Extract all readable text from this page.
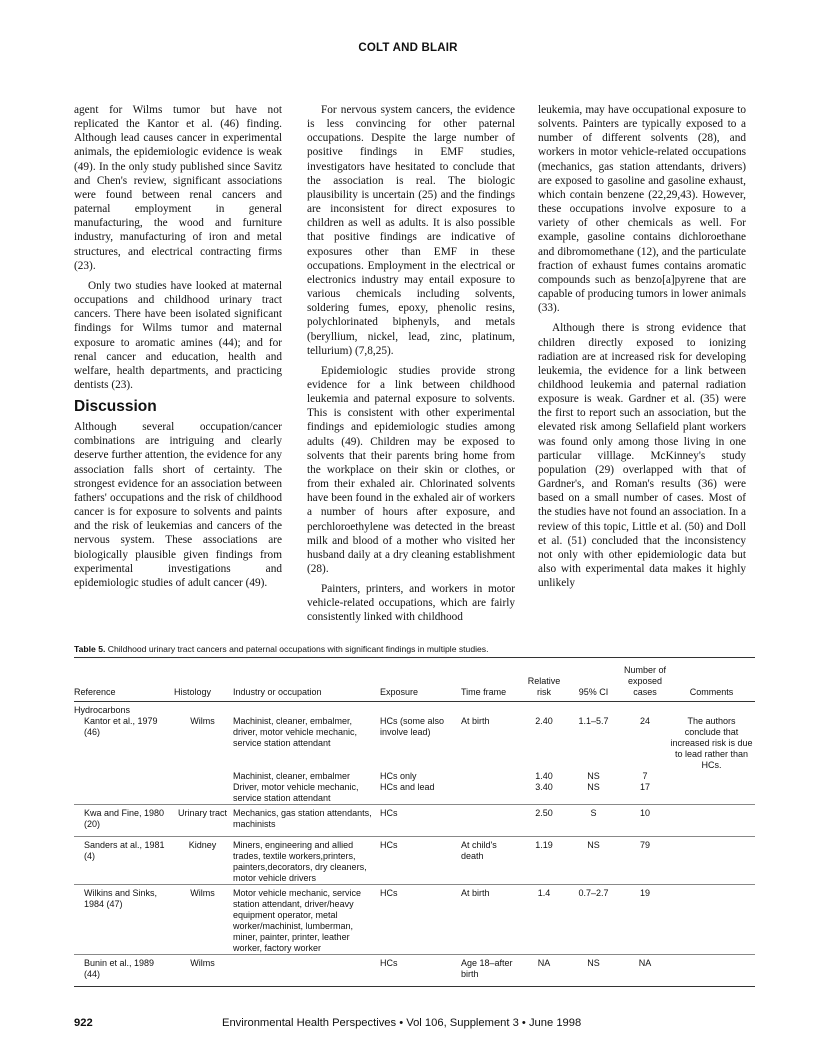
COLT AND BLAIR

agent for Wilms tumor but have not replicated the Kantor et al. (46) finding. Although lead causes cancer in experimental animals, the epidemiologic evidence is weak (49). In the only study published since Savitz and Chen's review, significant associations were found between renal cancers and paternal employment in general manufacturing, the wood and furniture industry, manufacturing of iron and metal structures, and electrical contracting firms (23).

Only two studies have looked at maternal occupations and childhood urinary tract cancers. There have been isolated significant findings for Wilms tumor and maternal exposure to aromatic amines (44); and for renal cancer and education, health and welfare, health departments, and practicing dentists (23).

Discussion

Although several occupation/cancer combinations are intriguing and clearly deserve further attention, the evidence for any association falls short of certainty. The strongest evidence for an association between fathers' occupations and the risk of childhood cancer is for exposure to solvents and paints and the risk of leukemias and cancers of the nervous system. These associations are biologically plausible given findings from experimental investigations and epidemiologic studies of adult cancer (49).

For nervous system cancers, the evidence is less convincing for other paternal occupations. Despite the large number of positive findings in EMF studies, investigators have hesitated to conclude that the association is real. The biologic plausibility is uncertain (25) and the findings are inconsistent for direct exposures to children as well as adults. It is also possible that positive findings are indicative of exposures other than EMF in these occupations. Employment in the electrical or electronics industry may entail exposure to various chemicals including solvents, soldering fumes, epoxy, phenolic resins, polychlorinated biphenyls, and metals (beryllium, nickel, lead, zinc, platinum, tellurium) (7,8,25).

Epidemiologic studies provide strong evidence for a link between childhood leukemia and paternal exposure to solvents. This is consistent with other experimental findings and epidemiologic studies among adults (49). Children may be exposed to solvents that their parents bring home from the workplace on their skin or clothes, or from their exhaled air. Chlorinated solvents have been found in the exhaled air of workers a number of hours after exposure, and perchloroethylene was detected in the breast milk and blood of a mother who visited her husband daily at a dry cleaning establishment (28).

Painters, printers, and workers in motor vehicle-related occupations, which are fairly consistently linked with childhood

leukemia, may have occupational exposure to solvents. Painters are typically exposed to a number of different solvents (28), and workers in motor vehicle-related occupations (mechanics, gas station attendants, drivers) are exposed to gasoline and gasoline exhaust, which contain benzene (22,29,43). However, these occupations involve exposure to a variety of other chemicals as well. For example, gasoline contains dichloroethane and dibromomethane (12), and the particulate fraction of exhaust fumes contains aromatic compounds such as benzo[a]pyrene that are capable of producing tumors in lower animals (33).

Although there is strong evidence that children directly exposed to ionizing radiation are at increased risk for developing leukemia, the evidence for a link between childhood leukemia and paternal radiation exposure is weak. Gardner et al. (35) were the first to report such an association, but the elevated risk among Sellafield plant workers was found only among those living in one particular villlage. McKinney's study population (29) overlapped with that of Gardner's, and Roman's results (36) were based on a small number of cases. Most of the studies have not found an association. In a review of this topic, Little et al. (50) and Doll et al. (51) concluded that the inconsistency not only with other epidemiologic data but also with experimental data makes it highly unlikely

Table 5. Childhood urinary tract cancers and paternal occupations with significant findings in multiple studies.
Reference	Histology	Industry or occupation	Exposure	Time frame	Relative risk	95% CI	Number of exposed cases	Comments
Hydrocarbons								
Kantor et al., 1979 (46)	Wilms	Machinist, cleaner, embalmer, driver, motor vehicle mechanic, service station attendant	HCs (some also involve lead)	At birth	2.40	1.1–5.7	24	The authors conclude that increased risk is due to lead rather than HCs.
		Machinist, cleaner, embalmer	HCs only		1.40	NS	7	
		Driver, motor vehicle mechanic, service station attendant	HCs and lead		3.40	NS	17	
Kwa and Fine, 1980 (20)	Urinary tract	Mechanics, gas station attendants, machinists	HCs		2.50	S	10	
Sanders at al., 1981 (4)	Kidney	Miners, engineering and allied trades, textile workers,printers, painters,decorators, dry cleaners, motor vehicle drivers	HCs	At child's death	1.19	NS	79	
Wilkins and Sinks, 1984 (47)	Wilms	Motor vehicle mechanic, service station attendant, driver/heavy equipment operator, metal worker/machinist, lumberman, miner, painter, printer, leather worker, factory worker	HCs	At birth	1.4	0.7–2.7	19	
Bunin et al., 1989 (44)	Wilms		HCs	Age 18–after birth	NA	NS	NA	
922	Environmental Health Perspectives • Vol 106, Supplement 3 • June 1998
